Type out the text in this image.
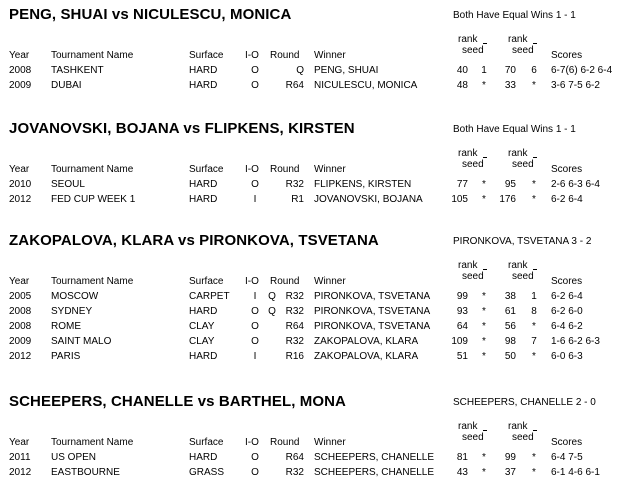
PENG, SHUAI vs NICULESCU, MONICA	Both Have Equal Wins 1 - 1
rank
seed
rank
seed
Year Tournament Name	Surface I-O Round Winner	Scores
2008	TASHKENT	HARD	O	Q PENG, SHUAI	40	1	70	6	6-7(6) 6-2 6-4
2009	DUBAI	HARD	O	R64 NICULESCU, MONICA	48	*	33	*	3-6 7-5 6-2
JOVANOVSKI, BOJANA vs FLIPKENS, KIRSTEN	Both Have Equal Wins 1 - 1
rank
seed
rank
seed
Year Tournament Name	Surface I-O Round Winner	Scores
2010	SEOUL	HARD	O	R32 FLIPKENS, KIRSTEN	77	*	95	*	2-6 6-3 6-4
2012	FED CUP WEEK 1	HARD	I	R1 JOVANOVSKI, BOJANA	105	*	176	*	6-2 6-4
ZAKOPALOVA, KLARA vs PIRONKOVA, TSVETANA	PIRONKOVA, TSVETANA 3 - 2
rank
seed
rank
seed
Year Tournament Name	Surface I-O Round Winner	Scores
2005	MOSCOW	CARPET	I	Q R32 PIRONKOVA, TSVETANA	99	*	38	1	6-2 6-4
2008	SYDNEY	HARD	O Q R32 PIRONKOVA, TSVETANA	93	*	61	8	6-2 6-0
2008	ROME	CLAY	O	R64 PIRONKOVA, TSVETANA	64	*	56	*	6-4 6-2
2009	SAINT MALO	CLAY	O	R32 ZAKOPALOVA, KLARA	109	*	98	7	1-6 6-2 6-3
2012	PARIS	HARD	I	R16 ZAKOPALOVA, KLARA	51	*	50	*	6-0 6-3
SCHEEPERS, CHANELLE vs BARTHEL, MONA	SCHEEPERS, CHANELLE 2 - 0
rank
seed
rank
seed
Year Tournament Name	Surface I-O Round Winner	Scores
2011	US OPEN	HARD	O	R64 SCHEEPERS, CHANELLE	81	*	99	*	6-4 7-5
2012	EASTBOURNE	GRASS	O	R32 SCHEEPERS, CHANELLE	43	*	37	*	6-1 4-6 6-1
